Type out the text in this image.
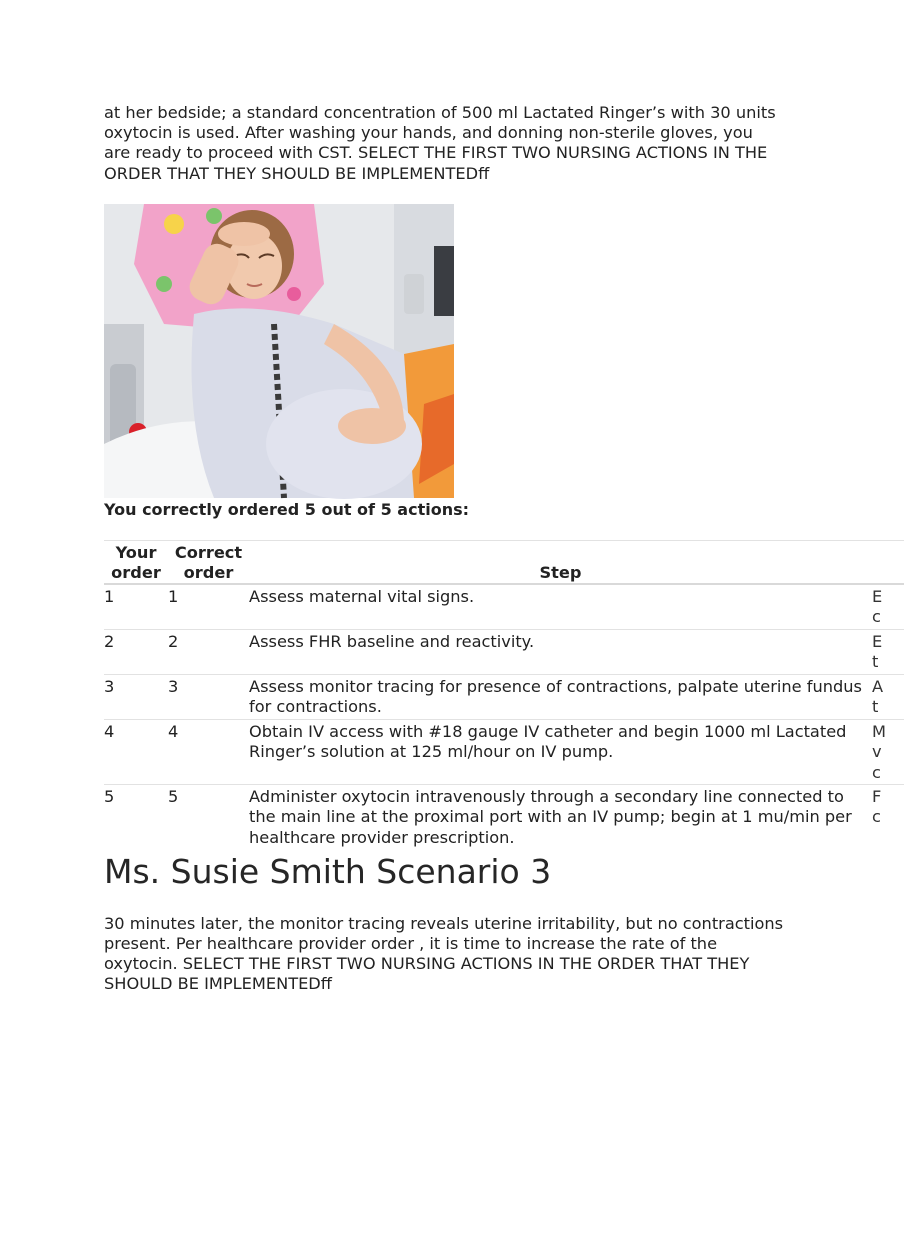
at her bedside; a standard concentration of 500 ml Lactated Ringer’s with 30 units oxytocin is used. After washing your hands, and donning non-sterile gloves, you are ready to proceed with CST. SELECT THE FIRST TWO NURSING ACTIONS IN THE ORDER THAT THEY SHOULD BE IMPLEMENTEDff

You correctly ordered 5 out of 5 actions:

Your order	Correct order	Step	
1	1	Assess maternal vital signs.	E
c
2	2	Assess FHR baseline and reactivity.	E
t
3	3	Assess monitor tracing for presence of contractions, palpate uterine fundus for contractions.	A
t
4	4	Obtain IV access with #18 gauge IV catheter and begin 1000 ml Lactated Ringer’s solution at 125 ml/hour on IV pump.	M
v
c
5	5	Administer oxytocin intravenously through a secondary line connected to the main line at the proximal port with an IV pump; begin at 1 mu/min per healthcare provider prescription.	F
c
Ms. Susie Smith Scenario 3

30 minutes later, the monitor tracing reveals uterine irritability, but no contractions present. Per healthcare provider order , it is time to increase the rate of the oxytocin. SELECT THE FIRST TWO NURSING ACTIONS IN THE ORDER THAT THEY SHOULD BE IMPLEMENTEDff
